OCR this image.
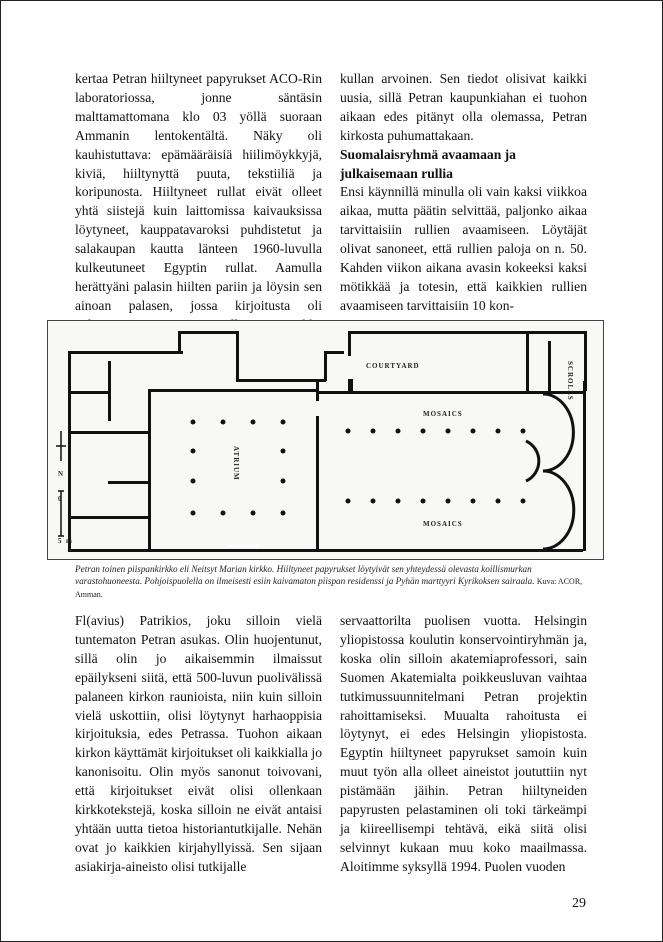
kertaa Petran hiiltyneet papyrukset ACO-Rin laboratoriossa, jonne säntäsin malttamattomana klo 03 yöllä suoraan Ammanin lentokentältä. Näky oli kauhistuttava: epämääräisiä hiilimöykkyjä, kiviä, hiiltynyttä puuta, tekstiiliä ja koripunosta. Hiiltyneet rullat eivät olleet yhtä siistejä kuin laittomissa kaivauksissa löytyneet, kauppatavaroksi puhdistetut ja salakaupan kautta länteen 1960-luvulla kulkeutuneet Egyptin rullat. Aamulla herättyäni palasin hiilten pariin ja löysin sen ainoan palasen, jossa kirjoitusta oli

kullan arvoinen. Sen tiedot olisivat kaikki uusia, sillä Petran kaupunkiahan ei tuohon aikaan edes pitänyt olla olemassa, Petran kirkosta puhumattakaan.

Suomalaisryhmä avaamaan ja julkaisemaan rullia

Ensi käynnillä minulla oli vain kaksi viikkoa aikaa, mutta päätin selvittää, paljonko aikaa tarvittaisiin rullien avaamiseen. Löytäjät olivat sanoneet, että rullien paloja on n. 50. Kahden viikon aikana avasin kokeeksi kaksi mötikkää ja totesin, että kaikkien rullien avaamiseen tarvittaisiin 10 kon-

COURTYARD	SCROLLS
MOSAICS
MOSAICS
ATRIUM
N
0
5 m
Petran toinen piispankirkko eli Neitsyt Marian kirkko. Hiiltyneet papyrukset löytyivät sen yhteydessä olevasta koillismurkan varastohuoneesta. Pohjoispuolella on ilmeisesti esiin kaivamaton piispan residenssi ja Pyhän marttyyri Kyrikoksen sairaala. Kuva: ACOR, Amman.

Fl(avius) Patrikios, joku silloin vielä tuntematon Petran asukas. Olin huojentunut, sillä olin jo aikaisemmin ilmaissut epäilykseni siitä, että 500-luvun puolivälissä palaneen kirkon raunioista, niin kuin silloin vielä uskottiin, olisi löytynyt harhaoppisia kirjoituksia, edes Petrassa. Tuohon aikaan kirkon käyttämät kirjoitukset oli kaikkialla jo kanonisoitu. Olin myös sanonut toivovani, että kirjoitukset eivät olisi ollenkaan kirkkotekstejä, koska silloin ne eivät antaisi yhtään uutta tietoa historiantutkijalle. Nehän ovat jo kaikkien kirjahyllyissä. Sen sijaan asiakirja-aineisto olisi tutkijalle

servaattorilta puolisen vuotta. Helsingin yliopistossa koulutin konservointiryhmän ja, koska olin silloin akatemiaprofessori, sain Suomen Akatemialta poikkeusluvan vaihtaa tutkimussuunnitelmani Petran projektin rahoittamiseksi. Muualta rahoitusta ei löytynyt, ei edes Helsingin yliopistosta. Egyptin hiiltyneet papyrukset samoin kuin muut työn alla olleet aineistot joututtiin nyt pistämään jäihin. Petran hiiltyneiden papyrusten pelastaminen oli toki tärkeämpi ja kiireellisempi tehtävä, eikä siitä olisi selvinnyt kukaan muu koko maailmassa. Aloitimme syksyllä 1994. Puolen vuoden

29
